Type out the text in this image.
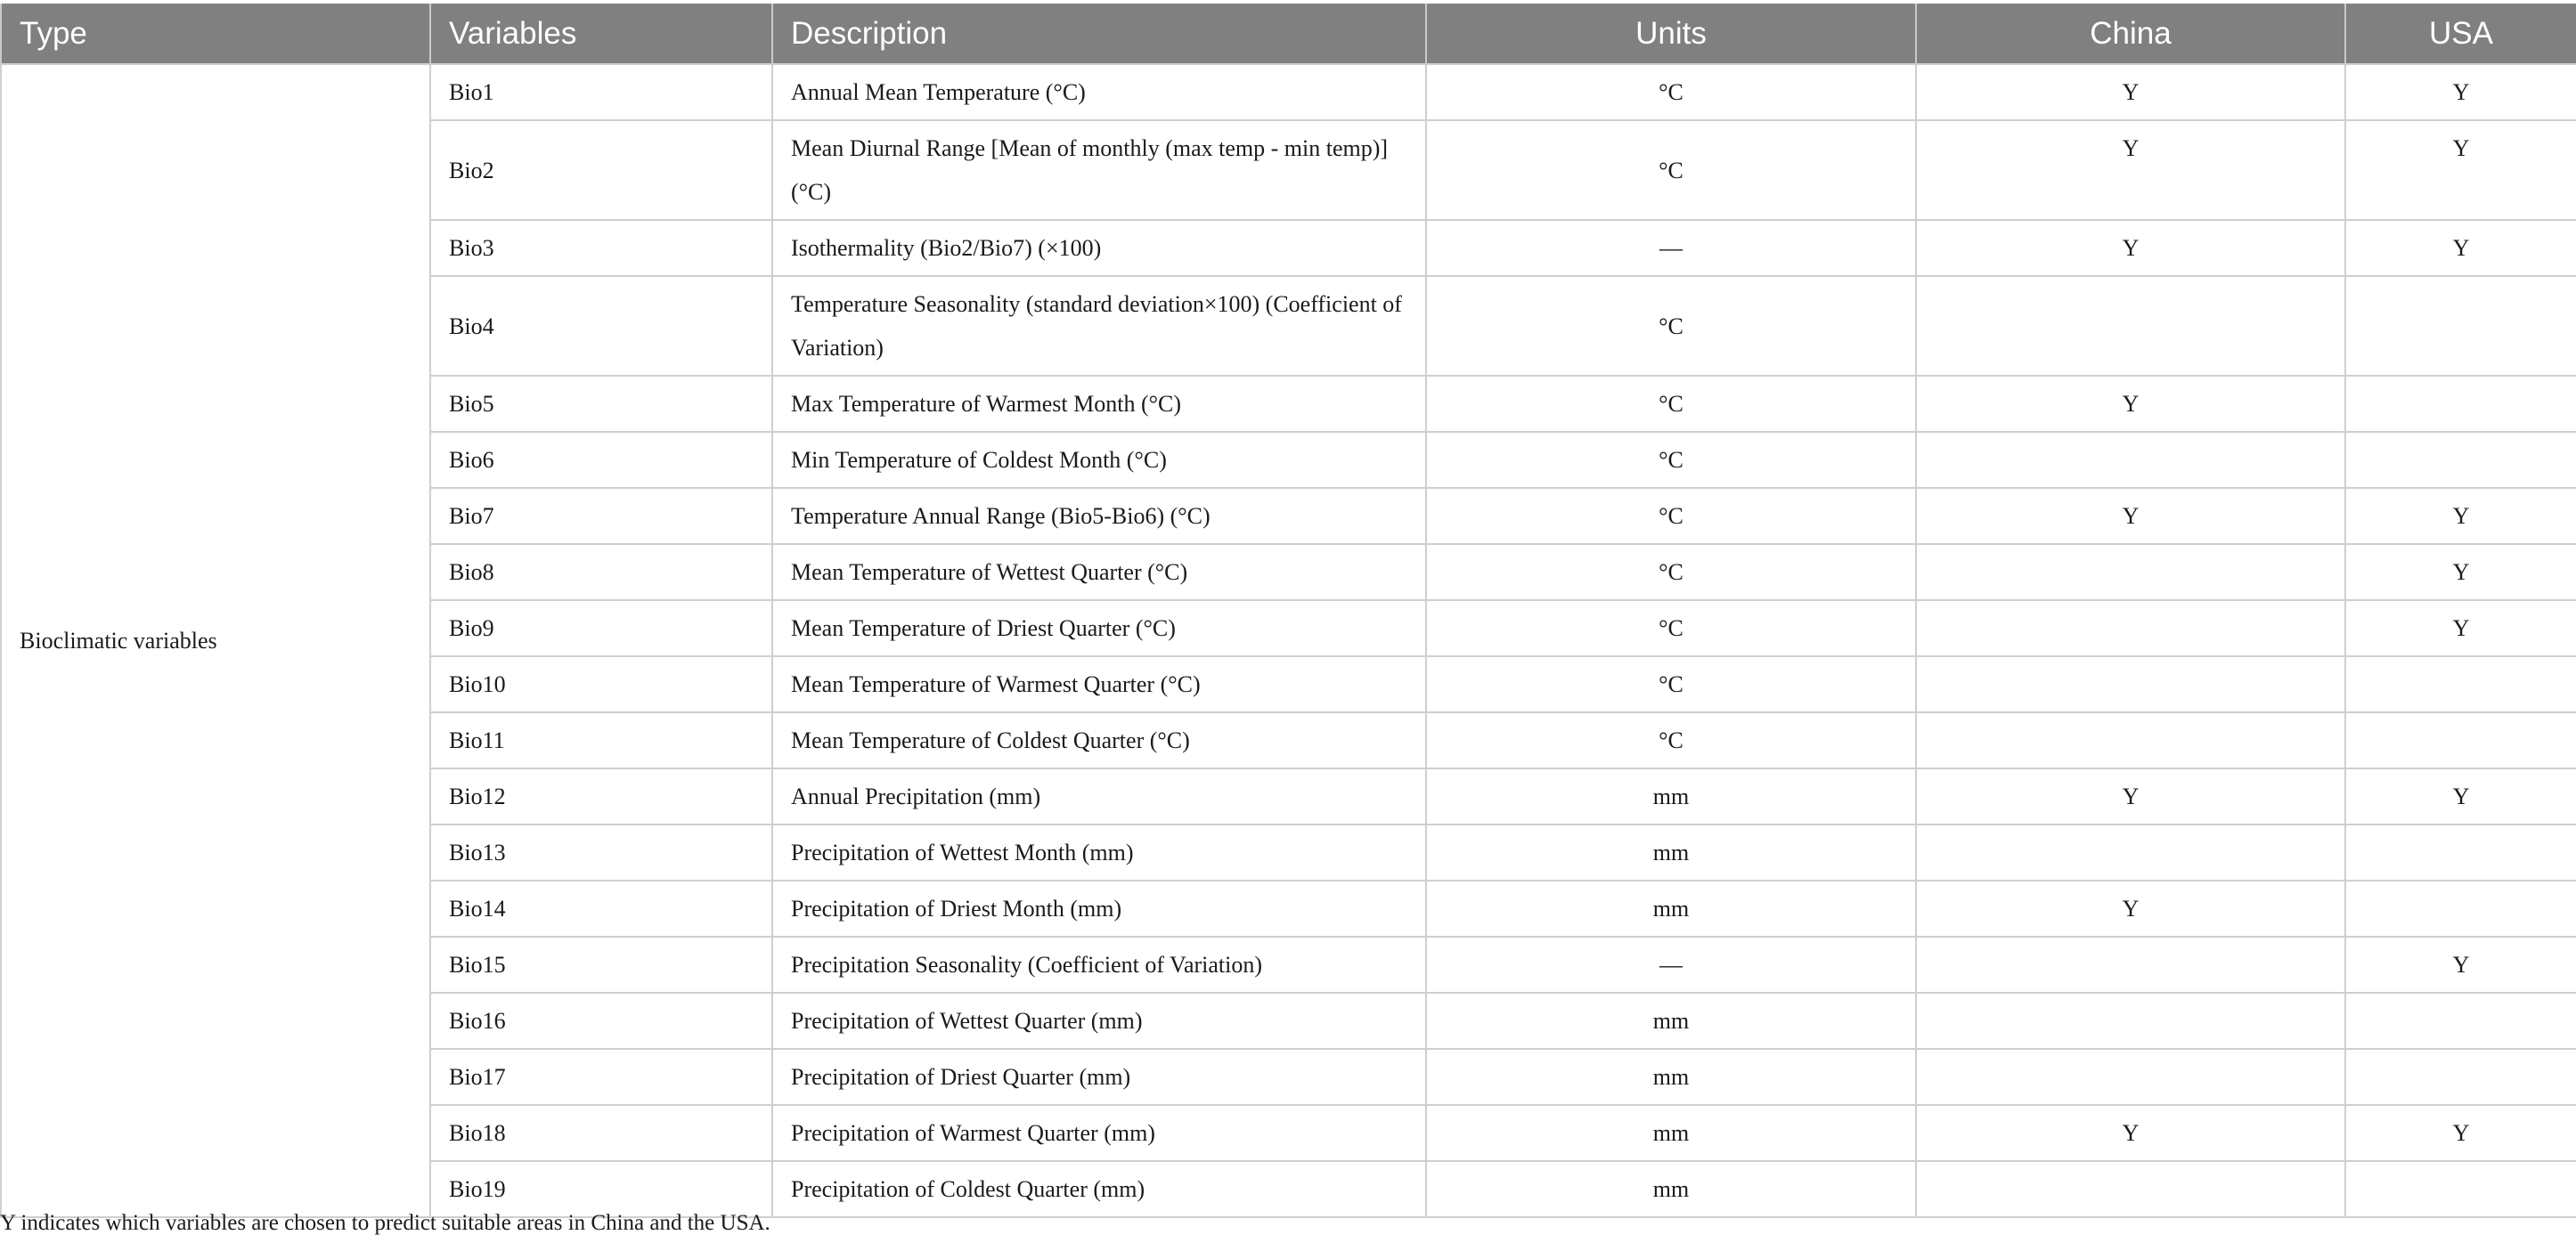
Type	Variables	Description	Units	China	USA
Bioclimatic variables	Bio1	Annual Mean Temperature (°C)	°C	Y	Y
	Bio2	Mean Diurnal Range [Mean of monthly (max temp - min temp)] (°C)	°C	Y	Y
	Bio3	Isothermality (Bio2/Bio7) (×100)	—	Y	Y
	Bio4	Temperature Seasonality (standard deviation×100) (Coefficient of Variation)	°C		
	Bio5	Max Temperature of Warmest Month (°C)	°C	Y	
	Bio6	Min Temperature of Coldest Month (°C)	°C		
	Bio7	Temperature Annual Range (Bio5-Bio6) (°C)	°C	Y	Y
	Bio8	Mean Temperature of Wettest Quarter (°C)	°C		Y
	Bio9	Mean Temperature of Driest Quarter (°C)	°C		Y
	Bio10	Mean Temperature of Warmest Quarter (°C)	°C		
	Bio11	Mean Temperature of Coldest Quarter (°C)	°C		
	Bio12	Annual Precipitation (mm)	mm	Y	Y
	Bio13	Precipitation of Wettest Month (mm)	mm		
	Bio14	Precipitation of Driest Month (mm)	mm	Y	
	Bio15	Precipitation Seasonality (Coefficient of Variation)	—		Y
	Bio16	Precipitation of Wettest Quarter (mm)	mm		
	Bio17	Precipitation of Driest Quarter (mm)	mm		
	Bio18	Precipitation of Warmest Quarter (mm)	mm	Y	Y
	Bio19	Precipitation of Coldest Quarter (mm)	mm		
Y indicates which variables are chosen to predict suitable areas in China and the USA.
